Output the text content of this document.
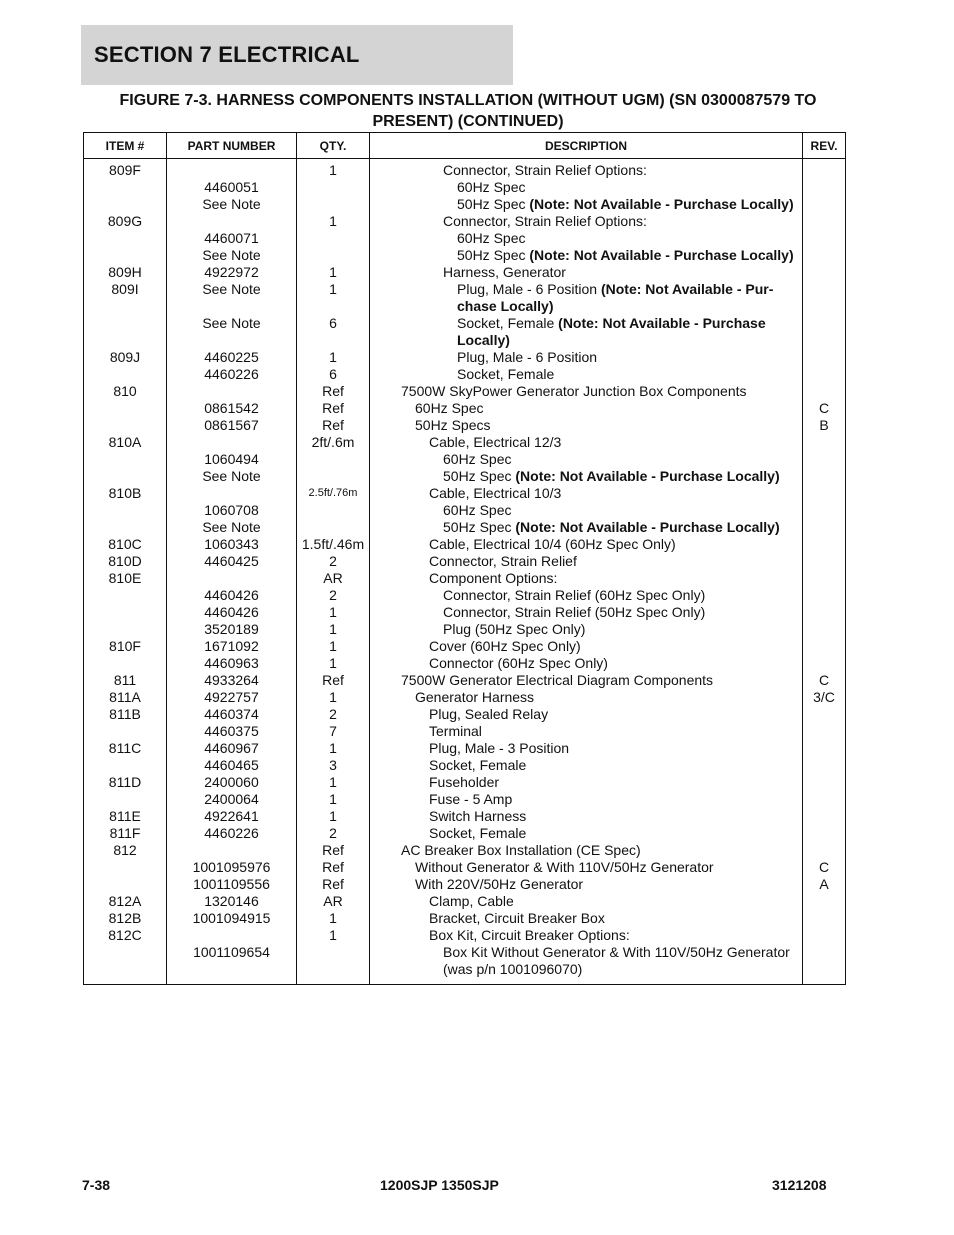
SECTION 7 ELECTRICAL
FIGURE 7-3. HARNESS COMPONENTS INSTALLATION (WITHOUT UGM) (SN 0300087579 TO
PRESENT) (CONTINUED)
ITEM #	PART NUMBER	QTY.	DESCRIPTION	REV.
809F		1	Connector, Strain Relief Options:	
	4460051		60Hz Spec	
	See Note		50Hz Spec (Note: Not Available - Purchase Locally)	
809G		1	Connector, Strain Relief Options:	
	4460071		60Hz Spec	
	See Note		50Hz Spec (Note: Not Available - Purchase Locally)	
809H	4922972	1	Harness, Generator	
809I	See Note	1	Plug, Male - 6 Position (Note: Not Available - Pur-chase Locally)	
	See Note	6	Socket, Female (Note: Not Available - Purchase Locally)	
809J	4460225	1	Plug, Male - 6 Position	
	4460226	6	Socket, Female	
810		Ref	7500W SkyPower Generator Junction Box Components	
	0861542	Ref	60Hz Spec	C
	0861567	Ref	50Hz Specs	B
810A		2ft/.6m	Cable, Electrical 12/3	
	1060494		60Hz Spec	
	See Note		50Hz Spec (Note: Not Available - Purchase Locally)	
810B		2.5ft/.76m	Cable, Electrical 10/3	
	1060708		60Hz Spec	
	See Note		50Hz Spec (Note: Not Available - Purchase Locally)	
810C	1060343	1.5ft/.46m	Cable, Electrical 10/4 (60Hz Spec Only)	
810D	4460425	2	Connector, Strain Relief	
810E		AR	Component Options:	
	4460426	2	Connector, Strain Relief (60Hz Spec Only)	
	4460426	1	Connector, Strain Relief (50Hz Spec Only)	
	3520189	1	Plug (50Hz Spec Only)	
810F	1671092	1	Cover (60Hz Spec Only)	
	4460963	1	Connector (60Hz Spec Only)	
811	4933264	Ref	7500W Generator Electrical Diagram Components	C
811A	4922757	1	Generator Harness	3/C
811B	4460374	2	Plug, Sealed Relay	
	4460375	7	Terminal	
811C	4460967	1	Plug, Male - 3 Position	
	4460465	3	Socket, Female	
811D	2400060	1	Fuseholder	
	2400064	1	Fuse - 5 Amp	
811E	4922641	1	Switch Harness	
811F	4460226	2	Socket, Female	
812		Ref	AC Breaker Box Installation (CE Spec)	
	1001095976	Ref	Without Generator & With 110V/50Hz Generator	C
	1001109556	Ref	With 220V/50Hz Generator	A
812A	1320146	AR	Clamp, Cable	
812B	1001094915	1	Bracket, Circuit Breaker Box	
812C		1	Box Kit, Circuit Breaker Options:	
	1001109654		Box Kit Without Generator & With 110V/50Hz Generator (was p/n 1001096070)	
7-38	1200SJP 1350SJP	3121208
